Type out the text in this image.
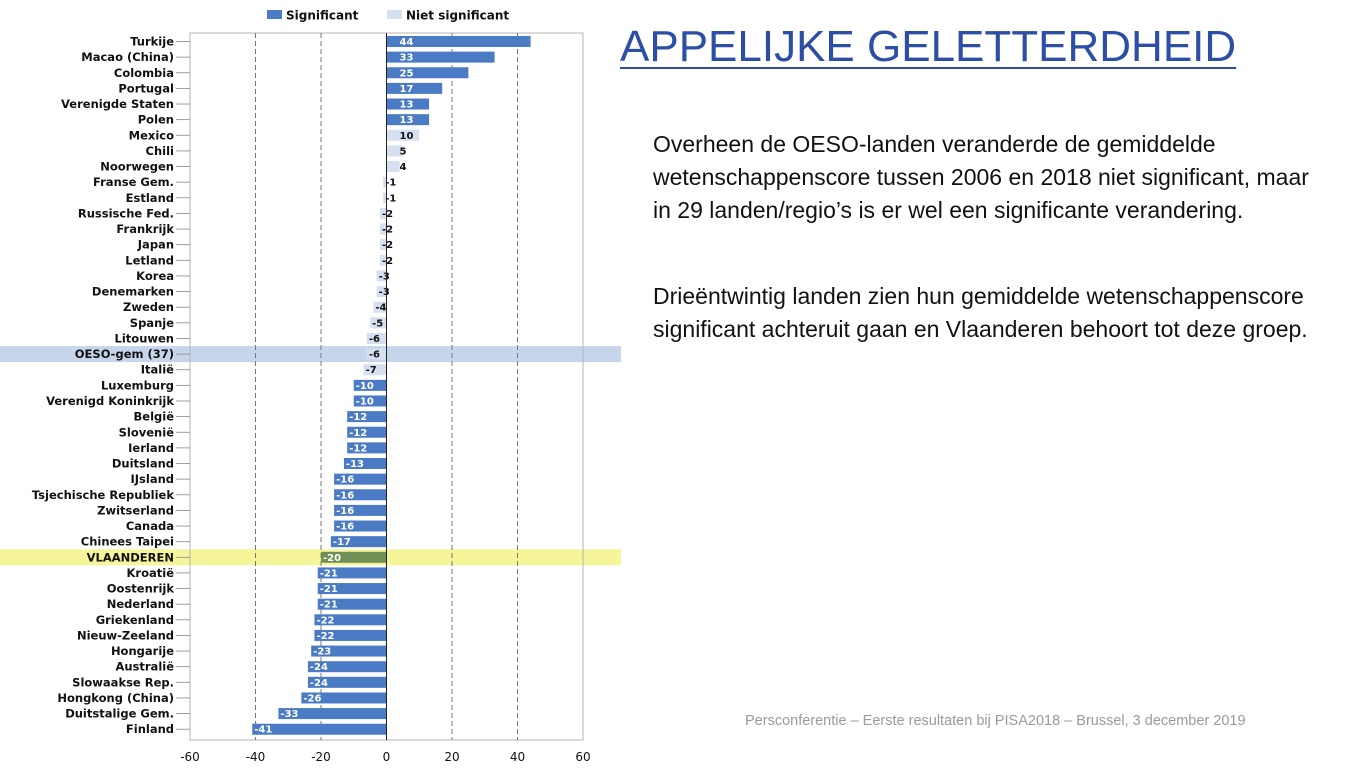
44
Turkije
33
Macao (China)
25
Colombia
17
Portugal
13
Verenigde Staten
13
Polen
10
Mexico
5
Chili
4
Noorwegen
-1
Franse Gem.
-1
Estland
-2
Russische Fed.
-2
Frankrijk
-2
Japan
-2
Letland
-3
Korea
-3
Denemarken
-4
Zweden
-5
Spanje
-6
Litouwen
-6
OESO-gem (37)
-7
Italië
-10
Luxemburg
-10
Verenigd Koninkrijk
-12
België
-12
Slovenië
-12
Ierland
-13
Duitsland
-16
IJsland
-16
Tsjechische Republiek
-16
Zwitserland
-16
Canada
-17
Chinees Taipei
-20
VLAANDEREN
-21
Kroatië
-21
Oostenrijk
-21
Nederland
-22
Griekenland
-22
Nieuw-Zeeland
-23
Hongarije
-24
Australië
-24
Slowaakse Rep.
-26
Hongkong (China)
-33
Duitstalige Gem.
-41
Finland
-60	-40	-20	0	20	40	60
Significant	Niet significant
APPELIJKE GELETTERDHEID

Overheen de OESO-landen veranderde de gemiddelde wetenschappenscore tussen 2006 en 2018 niet significant, maar in 29 landen/regio’s is er wel een significante verandering.

Drieëntwintig landen zien hun gemiddelde wetenschappenscore significant achteruit gaan en Vlaanderen behoort tot deze groep.

Persconferentie – Eerste resultaten bij PISA2018 – Brussel, 3 december 2019
